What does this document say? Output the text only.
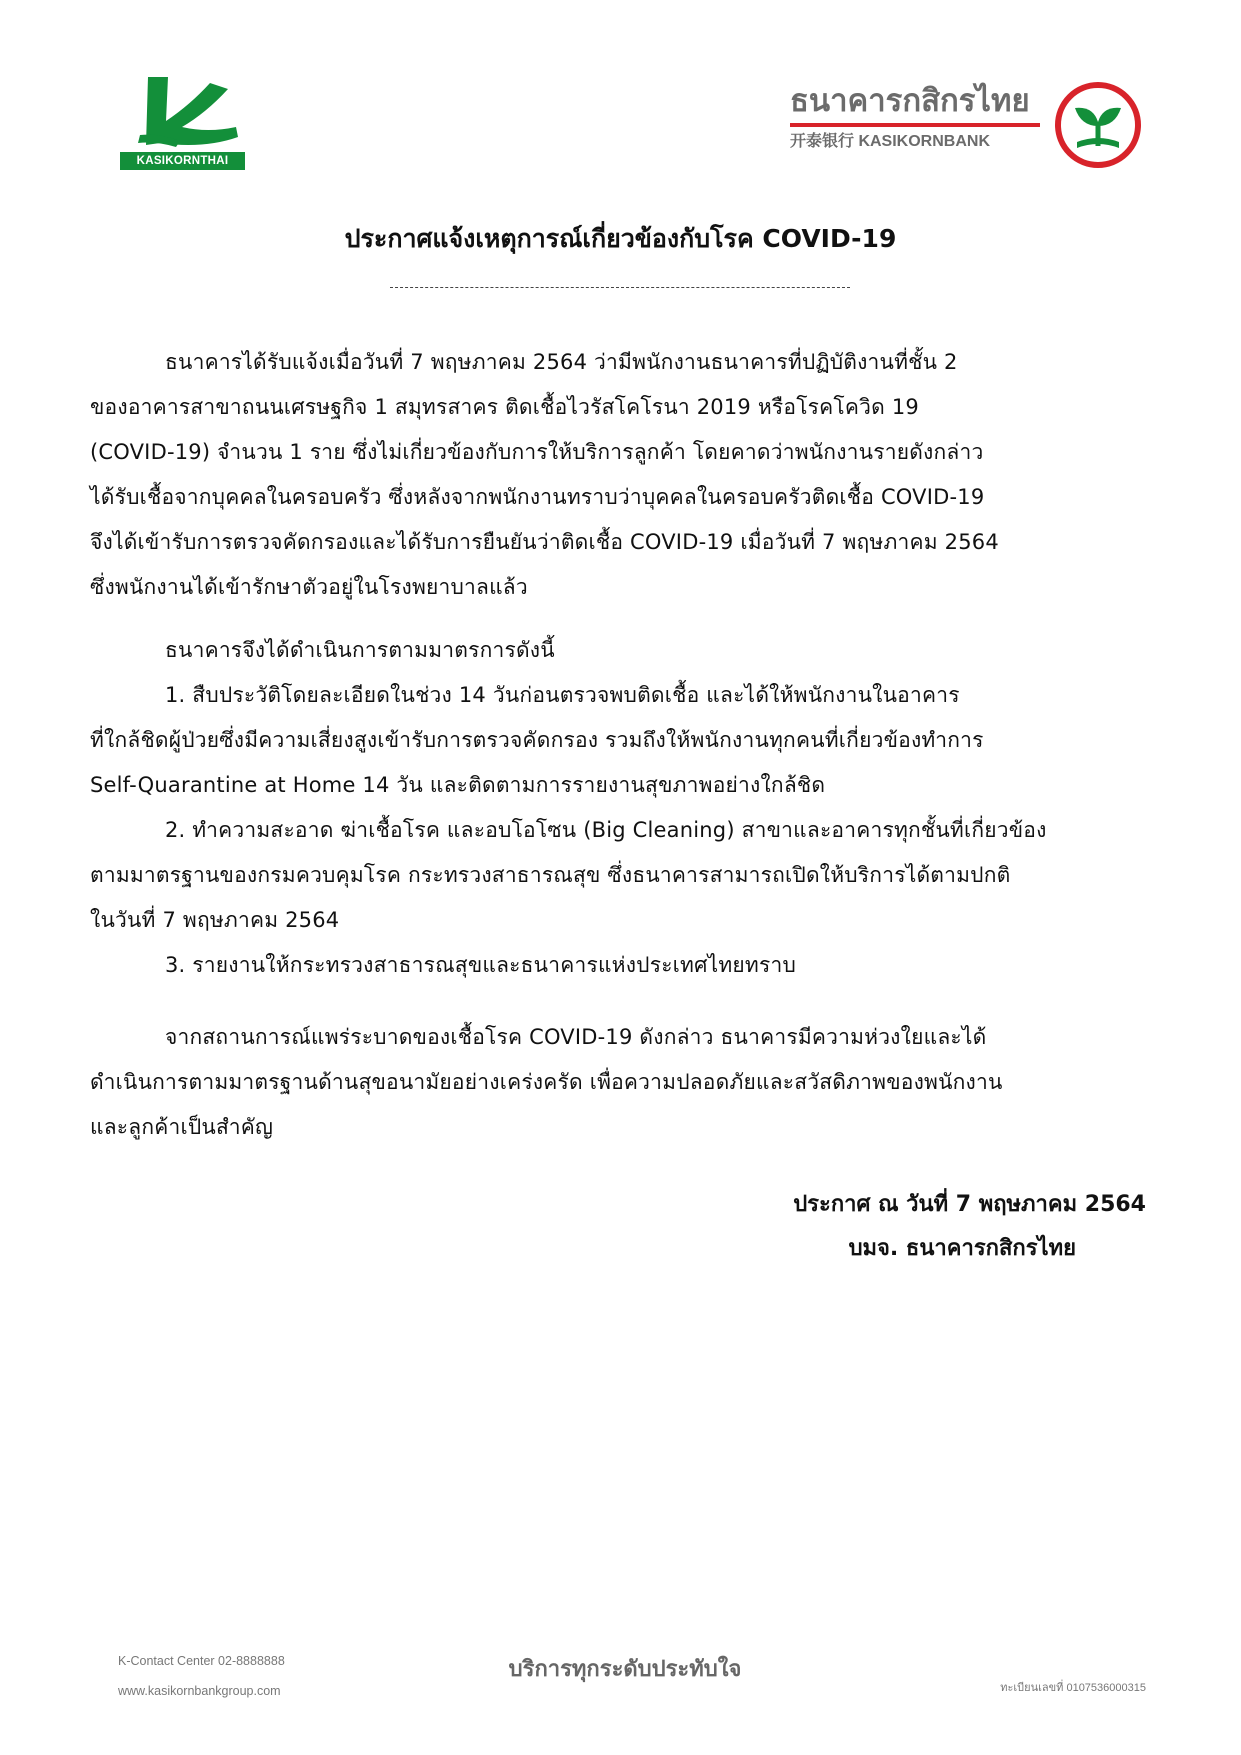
KASIKORNTHAI
ธนาคารกสิกรไทย
开泰银行 KASIKORNBANK
ประกาศแจ้งเหตุการณ์เกี่ยวข้องกับโรค COVID-19
ธนาคารได้รับแจ้งเมื่อวันที่ 7 พฤษภาคม 2564 ว่ามีพนักงานธนาคารที่ปฏิบัติงานที่ชั้น 2
ของอาคารสาขาถนนเศรษฐกิจ 1 สมุทรสาคร ติดเชื้อไวรัสโคโรนา 2019 หรือโรคโควิด 19
(COVID-19) จำนวน 1 ราย ซึ่งไม่เกี่ยวข้องกับการให้บริการลูกค้า โดยคาดว่าพนักงานรายดังกล่าว
ได้รับเชื้อจากบุคคลในครอบครัว ซึ่งหลังจากพนักงานทราบว่าบุคคลในครอบครัวติดเชื้อ COVID-19
จึงได้เข้ารับการตรวจคัดกรองและได้รับการยืนยันว่าติดเชื้อ COVID-19 เมื่อวันที่ 7 พฤษภาคม 2564
ซึ่งพนักงานได้เข้ารักษาตัวอยู่ในโรงพยาบาลแล้ว
ธนาคารจึงได้ดำเนินการตามมาตรการดังนี้
1. สืบประวัติโดยละเอียดในช่วง 14 วันก่อนตรวจพบติดเชื้อ และได้ให้พนักงานในอาคาร
ที่ใกล้ชิดผู้ป่วยซึ่งมีความเสี่ยงสูงเข้ารับการตรวจคัดกรอง รวมถึงให้พนักงานทุกคนที่เกี่ยวข้องทำการ
Self-Quarantine at Home 14 วัน และติดตามการรายงานสุขภาพอย่างใกล้ชิด
2. ทำความสะอาด ฆ่าเชื้อโรค และอบโอโซน (Big Cleaning) สาขาและอาคารทุกชั้นที่เกี่ยวข้อง
ตามมาตรฐานของกรมควบคุมโรค กระทรวงสาธารณสุข ซึ่งธนาคารสามารถเปิดให้บริการได้ตามปกติ
ในวันที่ 7 พฤษภาคม 2564
3. รายงานให้กระทรวงสาธารณสุขและธนาคารแห่งประเทศไทยทราบ
จากสถานการณ์แพร่ระบาดของเชื้อโรค COVID-19 ดังกล่าว ธนาคารมีความห่วงใยและได้
ดำเนินการตามมาตรฐานด้านสุขอนามัยอย่างเคร่งครัด เพื่อความปลอดภัยและสวัสดิภาพของพนักงาน
และลูกค้าเป็นสำคัญ
ประกาศ ณ วันที่ 7 พฤษภาคม 2564
บมจ. ธนาคารกสิกรไทย
K-Contact Center 02-8888888
www.kasikornbankgroup.com
บริการทุกระดับประทับใจ
ทะเบียนเลขที่ 0107536000315
